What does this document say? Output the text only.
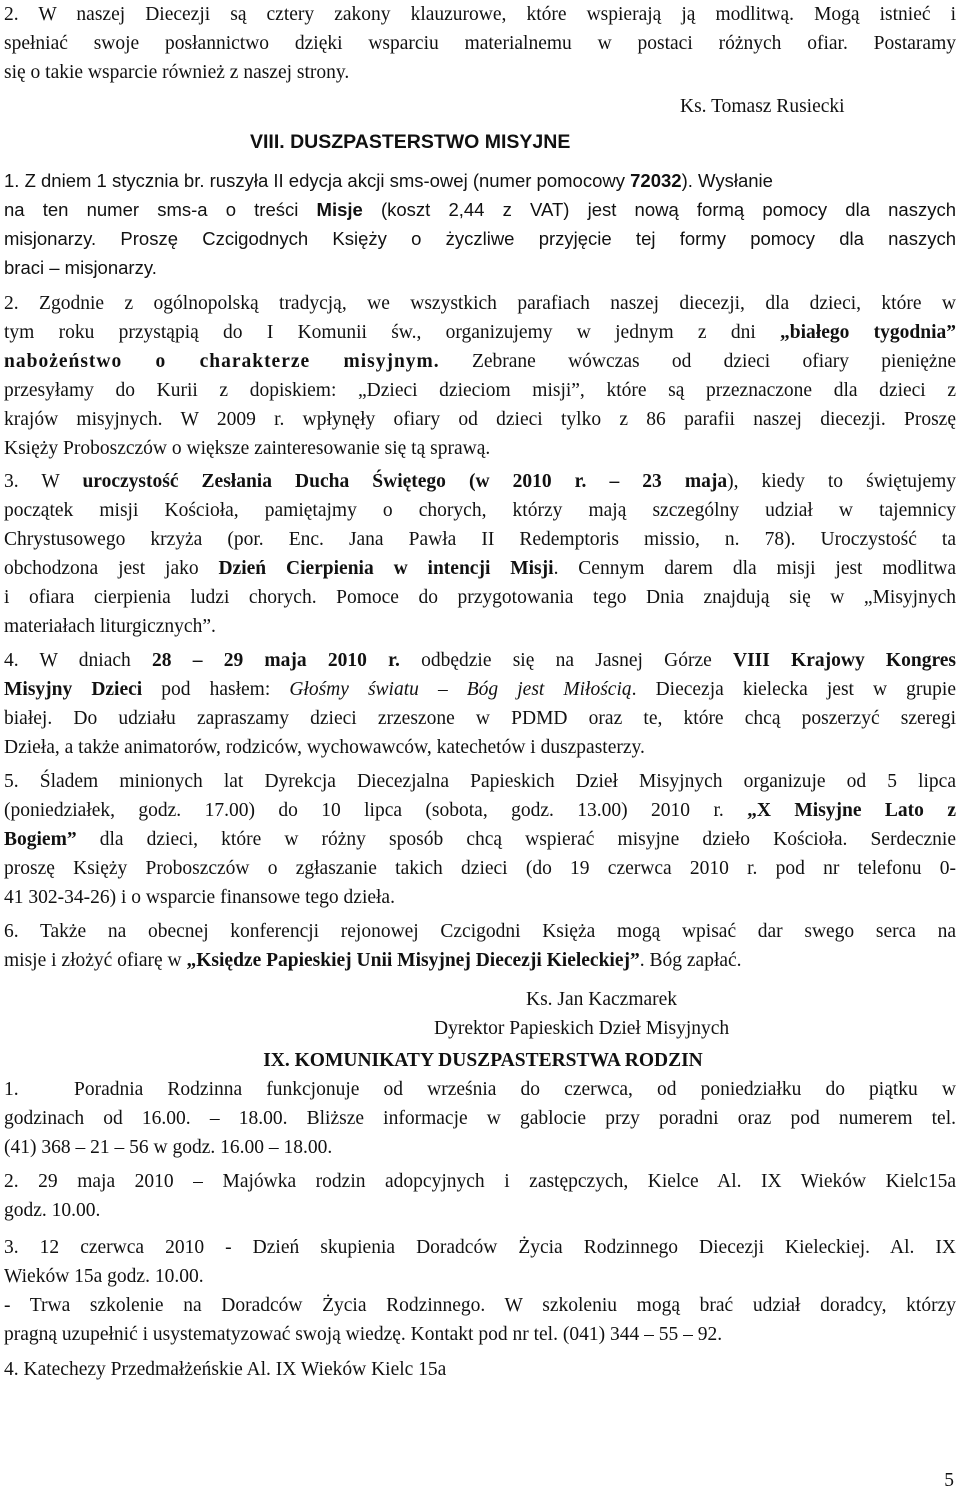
2. W naszej Diecezji są cztery zakony klauzurowe, które wspierają ją modlitwą. Mogą istnieć i
spełniać swoje posłannictwo dzięki wsparciu materialnemu w postaci różnych ofiar. Postaramy
się o takie wsparcie również z naszej strony.
Ks. Tomasz Rusiecki
VIII. DUSZPASTERSTWO MISYJNE
1. Z dniem 1 stycznia br. ruszyła II edycja akcji sms-owej (numer pomocowy 72032). Wysłanie
na ten numer sms-a o treści Misje (koszt 2,44 z VAT) jest nową formą pomocy dla naszych
misjonarzy. Proszę Czcigodnych Księży o życzliwe przyjęcie tej formy pomocy dla naszych
braci – misjonarzy.
2. Zgodnie z ogólnopolską tradycją, we wszystkich parafiach naszej diecezji, dla dzieci, które w
tym roku przystąpią do I Komunii św., organizujemy w jednym z dni „białego tygodnia”
nabożeństwo o charakterze misyjnym. Zebrane wówczas od dzieci ofiary pieniężne
przesyłamy do Kurii z dopiskiem: „Dzieci dzieciom misji”, które są przeznaczone dla dzieci z
krajów misyjnych. W 2009 r. wpłynęły ofiary od dzieci tylko z 86 parafii naszej diecezji. Proszę
Księży Proboszczów o większe zainteresowanie się tą sprawą.
3. W uroczystość Zesłania Ducha Świętego (w 2010 r. – 23 maja), kiedy to świętujemy
początek misji Kościoła, pamiętajmy o chorych, którzy mają szczególny udział w tajemnicy
Chrystusowego krzyża (por. Enc. Jana Pawła II Redemptoris missio, n. 78). Uroczystość ta
obchodzona jest jako Dzień Cierpienia w intencji Misji. Cennym darem dla misji jest modlitwa
i ofiara cierpienia ludzi chorych. Pomoce do przygotowania tego Dnia znajdują się w „Misyjnych
materiałach liturgicznych”.
4. W dniach 28 – 29 maja 2010 r. odbędzie się na Jasnej Górze VIII Krajowy Kongres
Misyjny Dzieci pod hasłem: Głośmy światu – Bóg jest Miłością. Diecezja kielecka jest w grupie
białej. Do udziału zapraszamy dzieci zrzeszone w PDMD oraz te, które chcą poszerzyć szeregi
Dzieła, a także animatorów, rodziców, wychowawców, katechetów i duszpasterzy.
5. Śladem minionych lat Dyrekcja Diecezjalna Papieskich Dzieł Misyjnych organizuje od 5 lipca
(poniedziałek, godz. 17.00) do 10 lipca (sobota, godz. 13.00) 2010 r. „X Misyjne Lato z
Bogiem” dla dzieci, które w różny sposób chcą wspierać misyjne dzieło Kościoła. Serdecznie
proszę Księży Proboszczów o zgłaszanie takich dzieci (do 19 czerwca 2010 r. pod nr telefonu 0-
41 302-34-26) i o wsparcie finansowe tego dzieła.
6. Także na obecnej konferencji rejonowej Czcigodni Księża mogą wpisać dar swego serca na
misje i złożyć ofiarę w „Księdze Papieskiej Unii Misyjnej Diecezji Kieleckiej”. Bóg zapłać.
Ks. Jan Kaczmarek
Dyrektor Papieskich Dzieł Misyjnych
IX. KOMUNIKATY DUSZPASTERSTWA RODZIN
1.	Poradnia Rodzinna funkcjonuje od września do czerwca, od poniedziałku do piątku w
godzinach od 16.00. – 18.00. Bliższe informacje w gablocie przy poradni oraz pod numerem tel.
(41) 368 – 21 – 56 w godz. 16.00 – 18.00.
2. 29 maja 2010 – Majówka rodzin adopcyjnych i zastępczych, Kielce Al. IX Wieków Kielc15a
godz. 10.00.
3. 12 czerwca 2010 - Dzień skupienia Doradców Życia Rodzinnego Diecezji Kieleckiej. Al. IX
Wieków 15a godz. 10.00.
- Trwa szkolenie na Doradców Życia Rodzinnego. W szkoleniu mogą brać udział doradcy, którzy
pragną uzupełnić i usystematyzować swoją wiedzę. Kontakt pod nr tel. (041) 344 – 55 – 92.
4. Katechezy Przedmałżeńskie Al. IX Wieków Kielc 15a
5
